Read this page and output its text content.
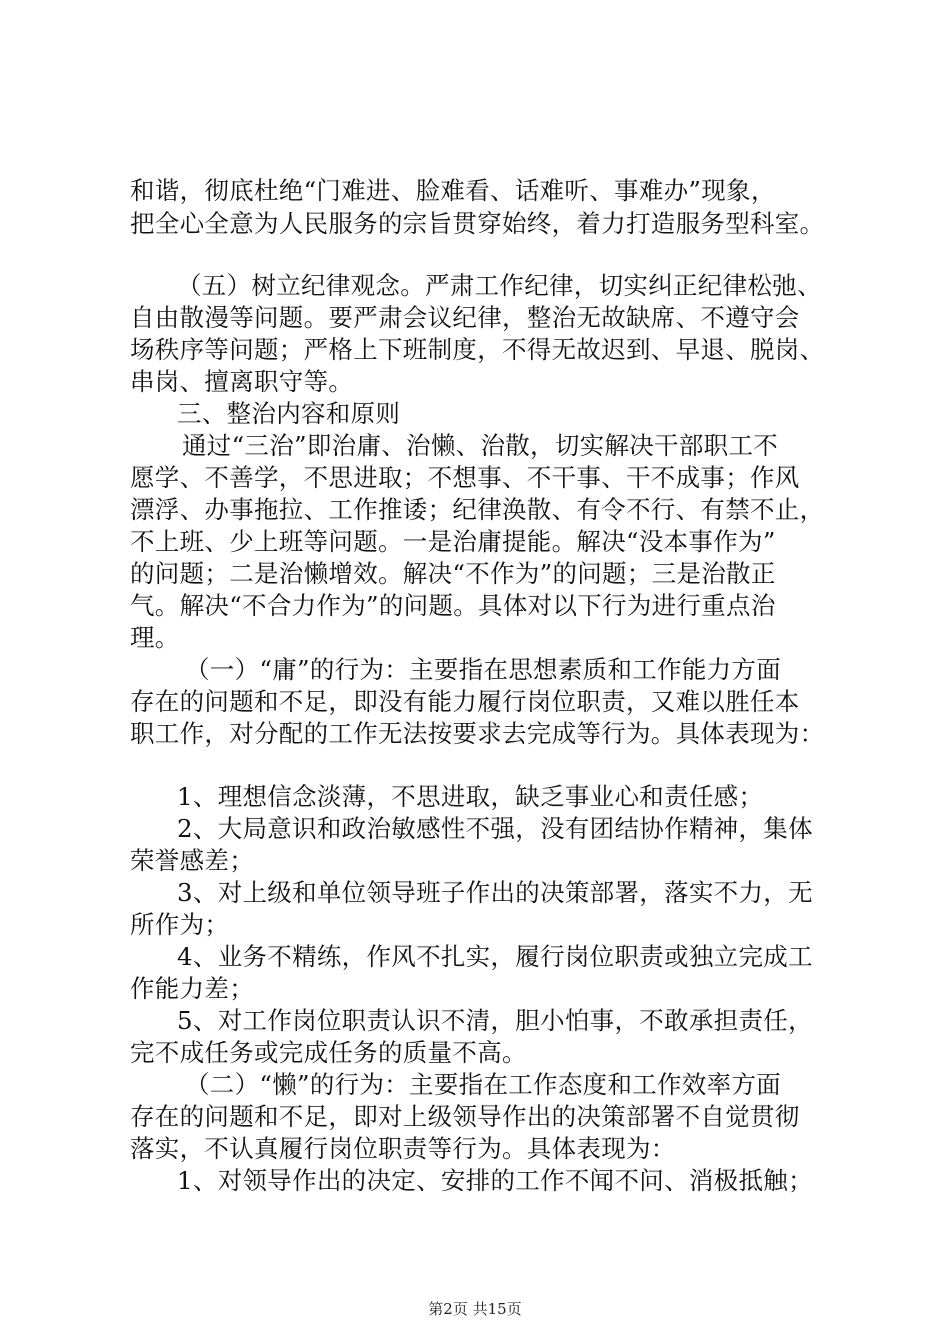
和谐，彻底杜绝“门难进、脸难看、话难听、事难办”现象，
把全心全意为人民服务的宗旨贯穿始终，着力打造服务型科室。
（五）树立纪律观念。严肃工作纪律，切实纠正纪律松弛、
自由散漫等问题。要严肃会议纪律，整治无故缺席、不遵守会
场秩序等问题；严格上下班制度，不得无故迟到、早退、脱岗、
串岗、擅离职守等。
三、整治内容和原则
通过“三治”即治庸、治懒、治散，切实解决干部职工不
愿学、不善学，不思进取；不想事、不干事、干不成事；作风
漂浮、办事拖拉、工作推诿；纪律涣散、有令不行、有禁不止，
不上班、少上班等问题。一是治庸提能。解决“没本事作为”
的问题；二是治懒增效。解决“不作为”的问题；三是治散正
气。解决“不合力作为”的问题。具体对以下行为进行重点治
理。
（一）“庸”的行为：主要指在思想素质和工作能力方面
存在的问题和不足，即没有能力履行岗位职责，又难以胜任本
职工作，对分配的工作无法按要求去完成等行为。具体表现为：
1、理想信念淡薄，不思进取，缺乏事业心和责任感；
2、大局意识和政治敏感性不强，没有团结协作精神，集体
荣誉感差；
3、对上级和单位领导班子作出的决策部署，落实不力，无
所作为；
4、业务不精练，作风不扎实，履行岗位职责或独立完成工
作能力差；
5、对工作岗位职责认识不清，胆小怕事，不敢承担责任，
完不成任务或完成任务的质量不高。
（二）“懒”的行为：主要指在工作态度和工作效率方面
存在的问题和不足，即对上级领导作出的决策部署不自觉贯彻
落实，不认真履行岗位职责等行为。具体表现为：
1、对领导作出的决定、安排的工作不闻不问、消极抵触；
第2页 共15页
